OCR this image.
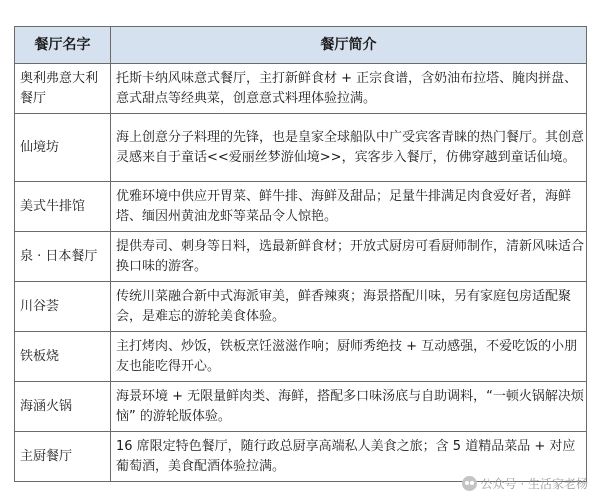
餐厅名字	餐厅简介
奥利弗意大利餐厅	托斯卡纳风味意式餐厅，主打新鲜食材 + 正宗食谱，含奶油布拉塔、腌肉拼盘、意式甜点等经典菜，创意意式料理体验拉满。
仙境坊	海上创意分子料理的先锋，也是皇家全球船队中广受宾客青睐的热门餐厅。其创意灵感来自于童话<<爱丽丝梦游仙境>>，宾客步入餐厅，仿佛穿越到童话仙境。
美式牛排馆	优雅环境中供应开胃菜、鲜牛排、海鲜及甜品；足量牛排满足肉食爱好者，海鲜塔、缅因州黄油龙虾等菜品令人惊艳。
泉 · 日本餐厅	提供寿司、刺身等日料，选最新鲜食材；开放式厨房可看厨师制作，清新风味适合换口味的游客。
川谷荟	传统川菜融合新中式海派审美，鲜香辣爽；海景搭配川味，另有家庭包房适配聚会，是难忘的游轮美食体验。
铁板烧	主打烤肉、炒饭，铁板烹饪滋滋作响；厨师秀绝技 + 互动感强，不爱吃饭的小朋友也能吃得开心。
海涵火锅	海景环境 + 无限量鲜肉类、海鲜，搭配多口味汤底与自助调料，“一顿火锅解决烦恼” 的游轮版体验。
主厨餐厅	16 席限定特色餐厅，随行政总厨享高端私人美食之旅；含 5 道精品菜品 + 对应葡萄酒，美食配酒体验拉满。
公众号 · 生活家老杨
